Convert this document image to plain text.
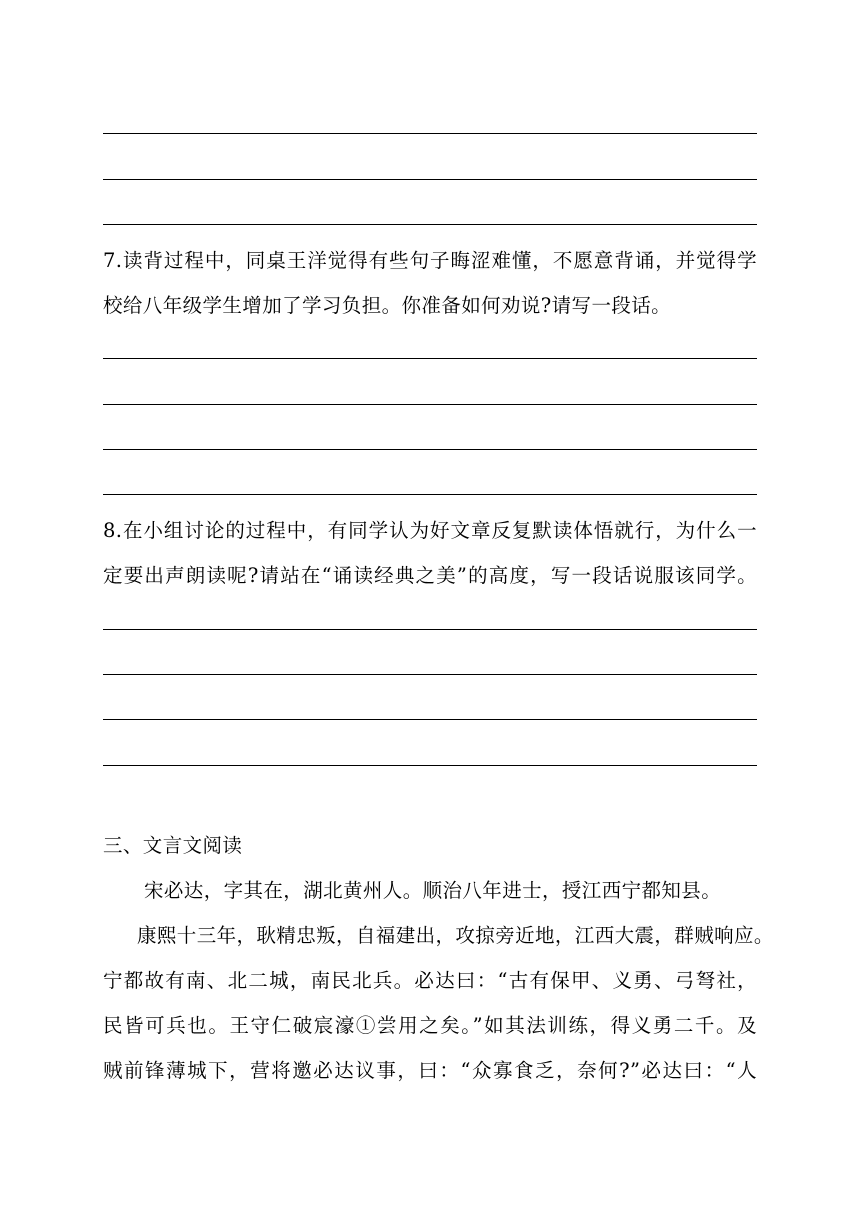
7.读背过程中，同桌王洋觉得有些句子晦涩难懂，不愿意背诵，并觉得学
校给八年级学生增加了学习负担。你准备如何劝说?请写一段话。
8.在小组讨论的过程中，有同学认为好文章反复默读体悟就行，为什么一
定要出声朗读呢?请站在“诵读经典之美”的高度，写一段话说服该同学。
三、文言文阅读
宋必达，字其在，湖北黄州人。顺治八年进士，授江西宁都知县。
康熙十三年，耿精忠叛，自福建出，攻掠旁近地，江西大震，群贼响应。
宁都故有南、北二城，南民北兵。必达曰：“古有保甲、义勇、弓弩社，
民皆可兵也。王守仁破宸濠①尝用之矣。”如其法训练，得义勇二千。及
贼前锋薄城下，营将邀必达议事，曰：“众寡食乏，奈何?”必达曰：“人
